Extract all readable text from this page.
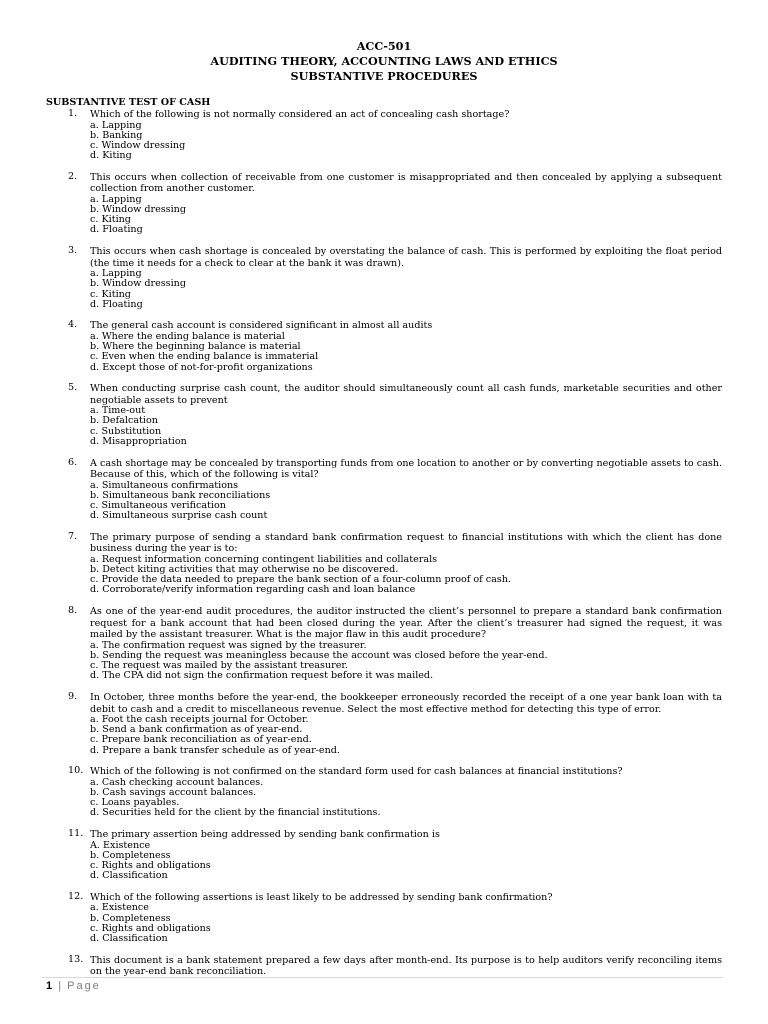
ACC-501
AUDITING THEORY, ACCOUNTING LAWS AND ETHICS
SUBSTANTIVE PROCEDURES
SUBSTANTIVE TEST OF CASH
1. Which of the following is not normally considered an act of concealing cash shortage?
a. Lapping
b. Banking
c. Window dressing
d. Kiting
2. This occurs when collection of receivable from one customer is misappropriated and then concealed by applying a subsequent collection from another customer.
a. Lapping
b. Window dressing
c. Kiting
d. Floating
3. This occurs when cash shortage is concealed by overstating the balance of cash. This is performed by exploiting the float period (the time it needs for a check to clear at the bank it was drawn).
a. Lapping
b. Window dressing
c. Kiting
d. Floating
4. The general cash account is considered significant in almost all audits
a. Where the ending balance is material
b. Where the beginning balance is material
c. Even when the ending balance is immaterial
d. Except those of not-for-profit organizations
5. When conducting surprise cash count, the auditor should simultaneously count all cash funds, marketable securities and other negotiable assets to prevent
a. Time-out
b. Defalcation
c. Substitution
d. Misappropriation
6. A cash shortage may be concealed by transporting funds from one location to another or by converting negotiable assets to cash. Because of this, which of the following is vital?
a. Simultaneous confirmations
b. Simultaneous bank reconciliations
c. Simultaneous verification
d. Simultaneous surprise cash count
7. The primary purpose of sending a standard bank confirmation request to financial institutions with which the client has done business during the year is to:
a. Request information concerning contingent liabilities and collaterals
b. Detect kiting activities that may otherwise no be discovered.
c. Provide the data needed to prepare the bank section of a four-column proof of cash.
d. Corroborate/verify information regarding cash and loan balance
8. As one of the year-end audit procedures, the auditor instructed the client’s personnel to prepare a standard bank confirmation request for a bank account that had been closed during the year. After the client’s treasurer had signed the request, it was mailed by the assistant treasurer. What is the major flaw in this audit procedure?
a. The confirmation request was signed by the treasurer.
b. Sending the request was meaningless because the account was closed before the year-end.
c. The request was mailed by the assistant treasurer.
d. The CPA did not sign the confirmation request before it was mailed.
9. In October, three months before the year-end, the bookkeeper erroneously recorded the receipt of a one year bank loan with ta debit to cash and a credit to miscellaneous revenue. Select the most effective method for detecting this type of error.
a. Foot the cash receipts journal for October.
b. Send a bank confirmation as of year-end.
c. Prepare bank reconciliation as of year-end.
d. Prepare a bank transfer schedule as of year-end.
10. Which of the following is not confirmed on the standard form used for cash balances at financial institutions?
a. Cash checking account balances.
b. Cash savings account balances.
c. Loans payables.
d. Securities held for the client by the financial institutions.
11. The primary assertion being addressed by sending bank confirmation is
A. Existence
b. Completeness
c. Rights and obligations
d. Classification
12. Which of the following assertions is least likely to be addressed by sending bank confirmation?
a. Existence
b. Completeness
c. Rights and obligations
d. Classification
13. This document is a bank statement prepared a few days after month-end. Its purpose is to help auditors verify reconciling items on the year-end bank reconciliation.
1 | Page
